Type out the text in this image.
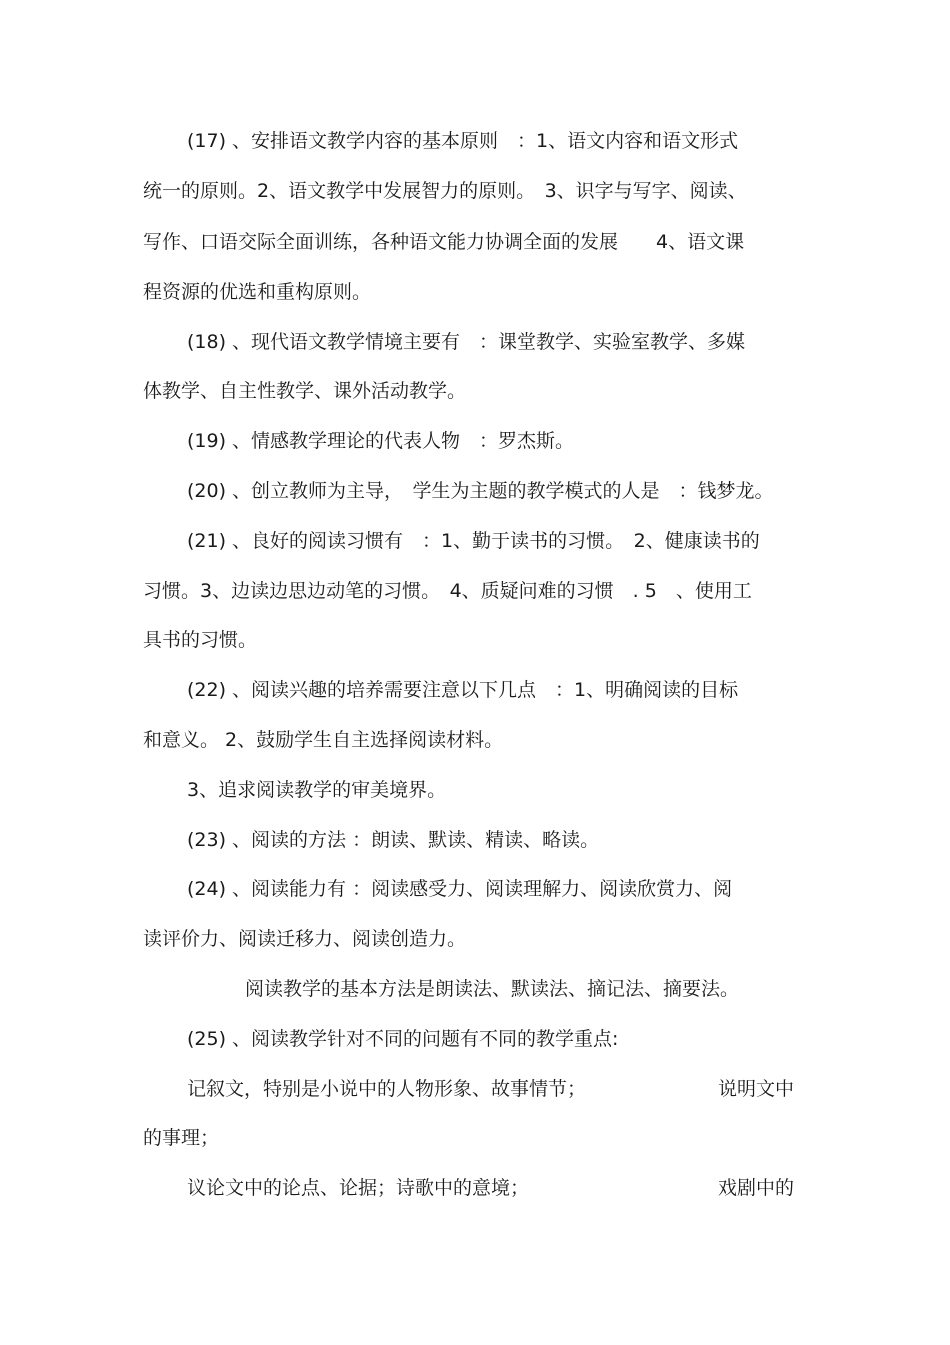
(17) 、安排语文教学内容的基本原则　：1、语文内容和语文形式

统一的原则。2、语文教学中发展智力的原则。　3、识字与写字、阅读、

写作、口语交际全面训练，各种语文能力协调全面的发展　　4、语文课

程资源的优选和重构原则。

(18) 、现代语文教学情境主要有　：课堂教学、实验室教学、多媒

体教学、自主性教学、课外活动教学。

(19) 、情感教学理论的代表人物　：罗杰斯。

(20) 、创立教师为主导，　学生为主题的教学模式的人是　：钱梦龙。

(21) 、良好的阅读习惯有　：1、勤于读书的习惯。　2、健康读书的

习惯。3、边读边思边动笔的习惯。　4、质疑问难的习惯　. 5　、使用工

具书的习惯。

(22) 、阅读兴趣的培养需要注意以下几点　：1、明确阅读的目标

和意义。 2、鼓励学生自主选择阅读材料。

3、追求阅读教学的审美境界。

(23) 、阅读的方法 ：朗读、默读、精读、略读。

(24) 、阅读能力有 ：阅读感受力、阅读理解力、阅读欣赏力、阅

读评价力、阅读迁移力、阅读创造力。

阅读教学的基本方法是朗读法、默读法、摘记法、摘要法。

(25) 、阅读教学针对不同的问题有不同的教学重点:

记叙文，特别是小说中的人物形象、故事情节；	说明文中

的事理；

议论文中的论点、论据；诗歌中的意境；	戏剧中的
